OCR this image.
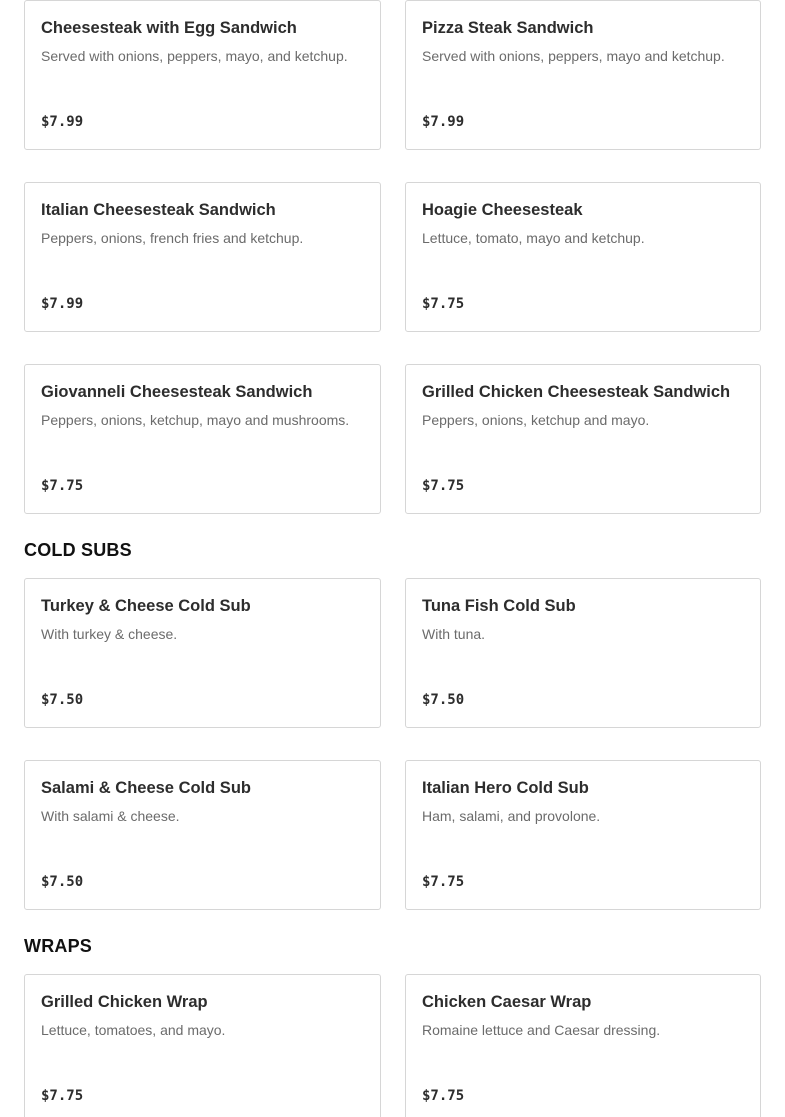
Cheesesteak with Egg Sandwich
Served with onions, peppers, mayo, and ketchup.
$7.99
Pizza Steak Sandwich
Served with onions, peppers, mayo and ketchup.
$7.99
Italian Cheesesteak Sandwich
Peppers, onions, french fries and ketchup.
$7.99
Hoagie Cheesesteak
Lettuce, tomato, mayo and ketchup.
$7.75
Giovanneli Cheesesteak Sandwich
Peppers, onions, ketchup, mayo and mushrooms.
$7.75
Grilled Chicken Cheesesteak Sandwich
Peppers, onions, ketchup and mayo.
$7.75
COLD SUBS
Turkey & Cheese Cold Sub
With turkey & cheese.
$7.50
Tuna Fish Cold Sub
With tuna.
$7.50
Salami & Cheese Cold Sub
With salami & cheese.
$7.50
Italian Hero Cold Sub
Ham, salami, and provolone.
$7.75
WRAPS
Grilled Chicken Wrap
Lettuce, tomatoes, and mayo.
$7.75
Chicken Caesar Wrap
Romaine lettuce and Caesar dressing.
$7.75
